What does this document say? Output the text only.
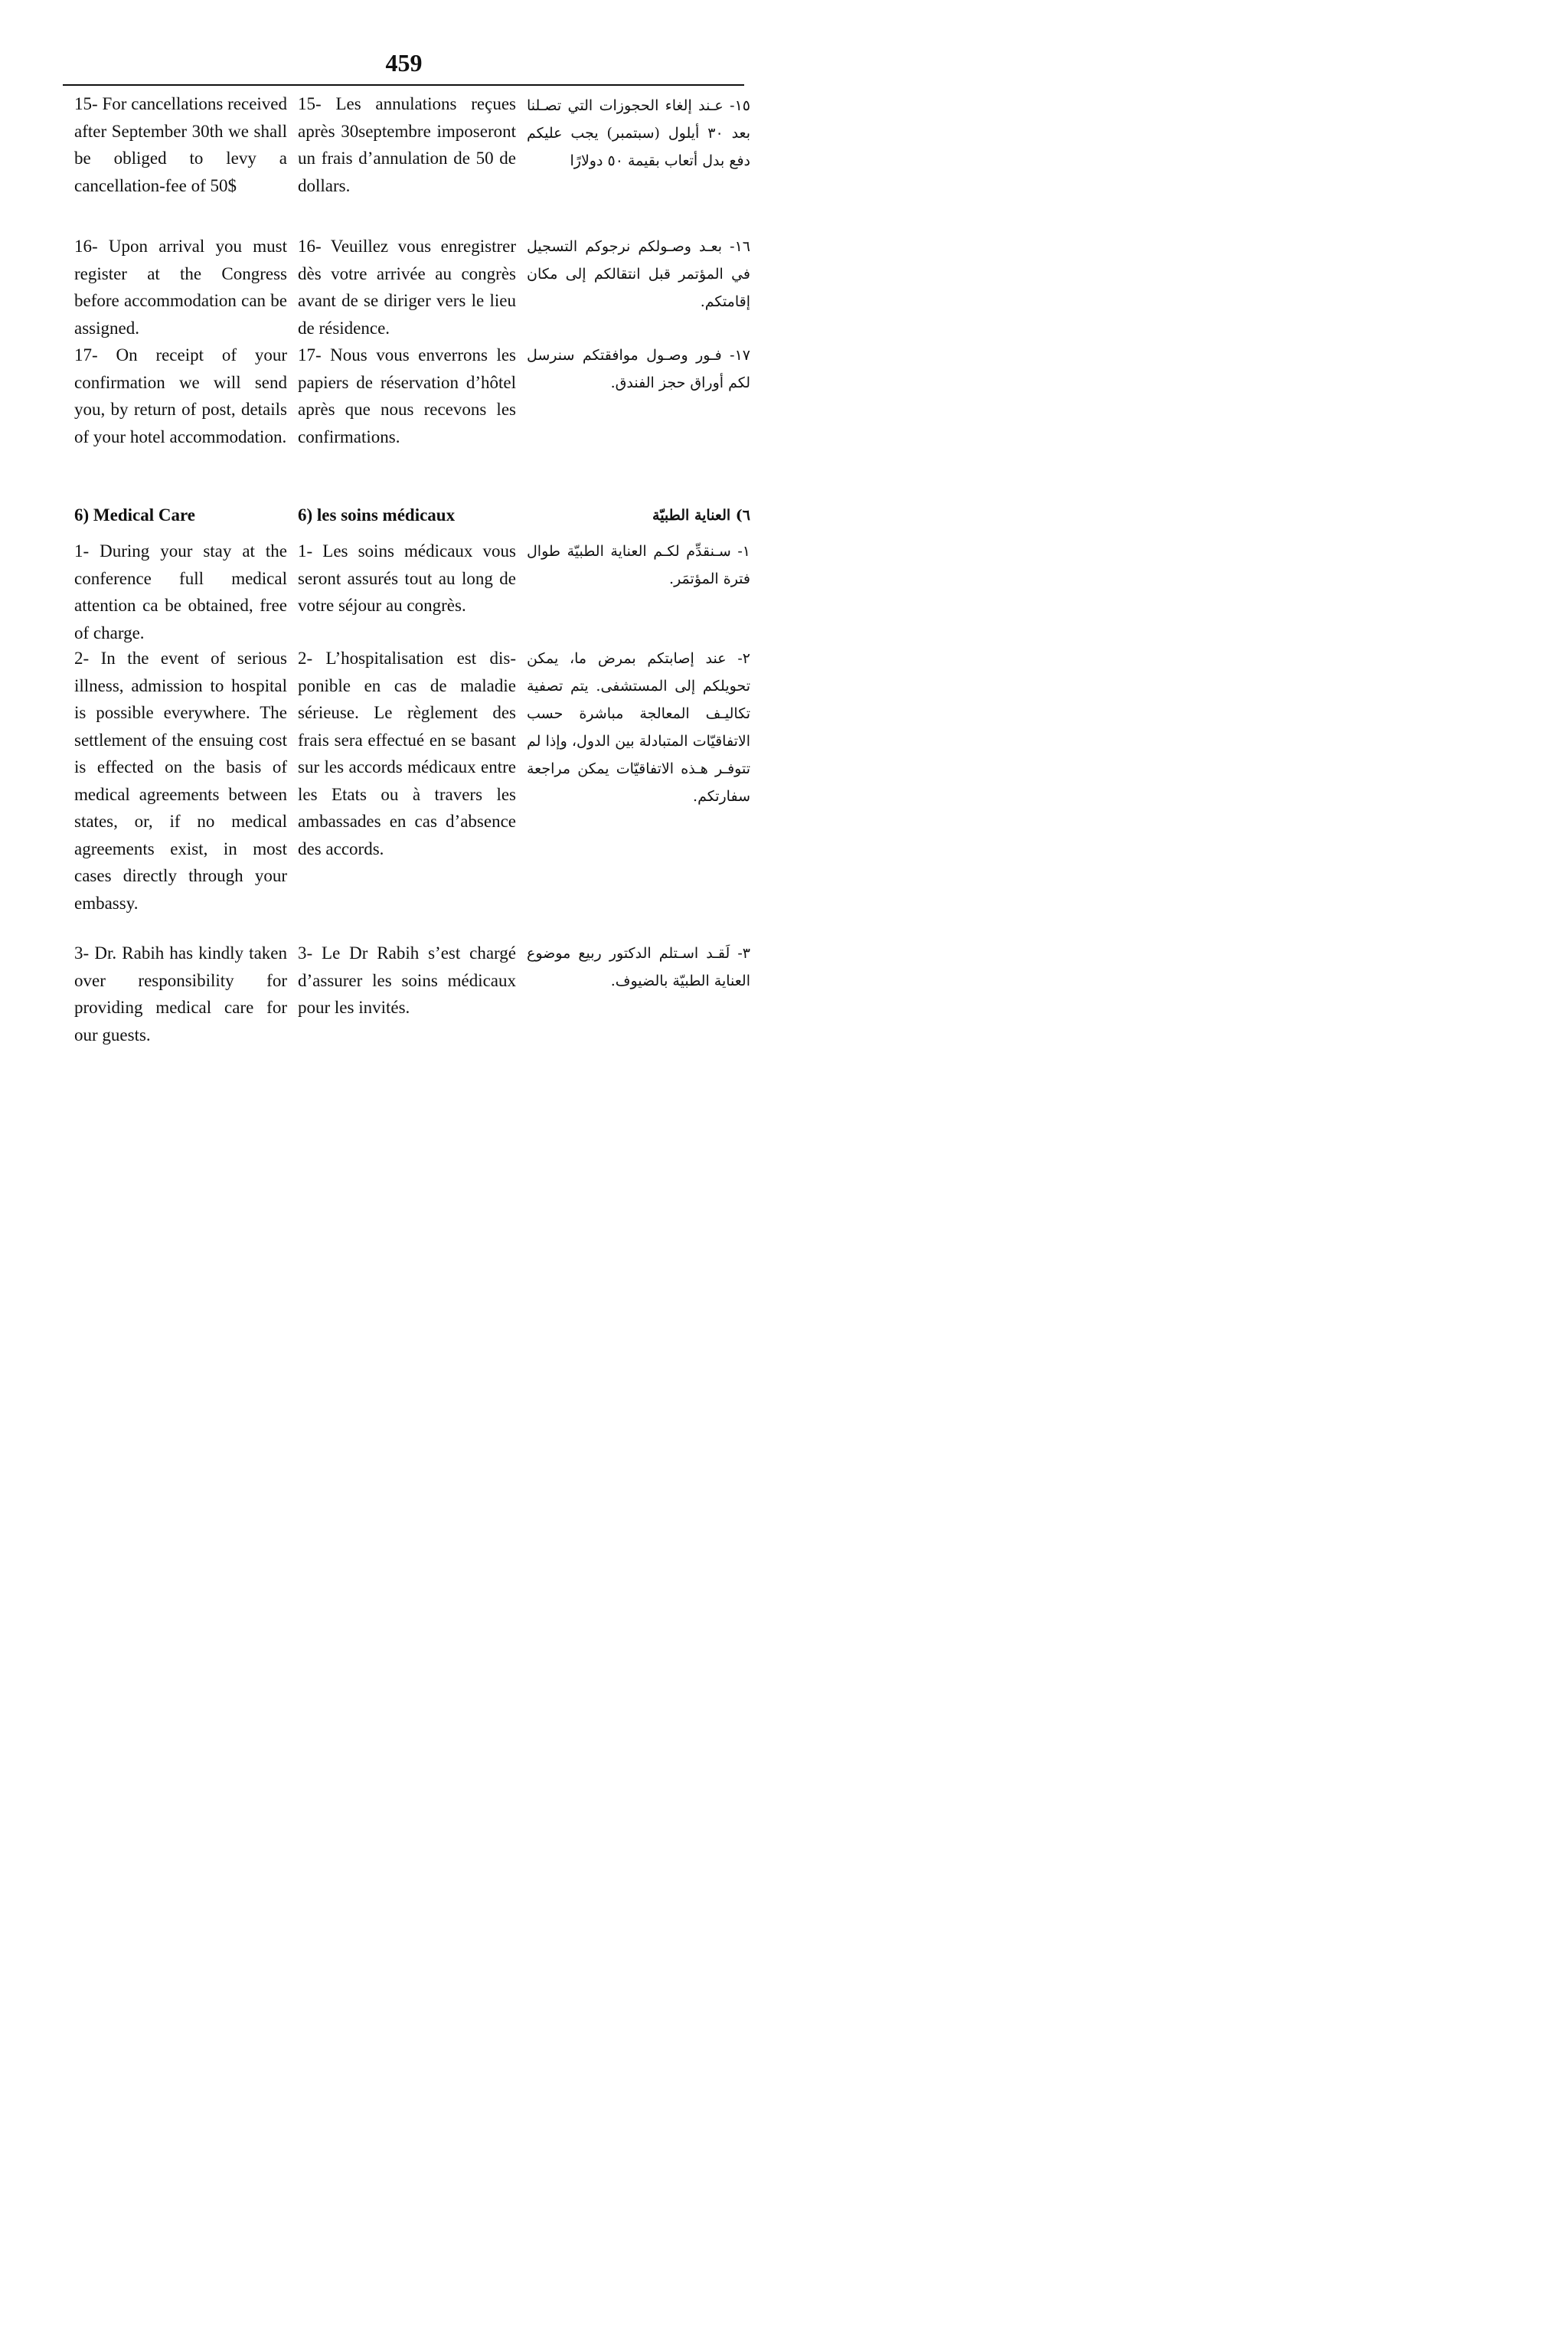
459
15- For cancellations received after September 30th we shall be obliged to levy a cancellation-fee of 50$
16- Upon arrival you must register at the Congress before accommodation can be assigned.
17- On receipt of your confirmation we will send you, by return of post, details of your hotel accommodation.
6) Medical Care
1- During your stay at the conference full medical attention ca be obtained, free of charge.
2- In the event of serious illness, admission to hospital is possible everywhere. The settlement of the ensuing cost is effected on the basis of medical agreements between states, or, if no medical agreements exist, in most cases directly through your embassy.
3- Dr. Rabih has kindly taken over responsibility for providing medical care for our guests.
15- Les annulations reçues après 30septembre imposeront un frais d’annulation de 50 de dollars.
16- Veuillez vous enregistrer dès votre arrivée au congrès avant de se diriger vers le lieu de résidence.
17- Nous vous enverrons les papiers de réservation d’hôtel après que nous recevons les confirmations.
6) les soins médicaux
1- Les soins médicaux vous seront assurés tout au long de votre séjour au congrès.
2- L’hospitalisation est dis-ponible en cas de maladie sérieuse. Le règlement des frais sera effectué en se basant sur les accords médicaux entre les Etats ou à travers les ambassades en cas d’absence des accords.
3- Le Dr Rabih s’est chargé d’assurer les soins médicaux pour les invités.
١٥- عـند إلغاء الحجوزات التي تصـلنا بعد ٣٠ أيلول (سبتمبر) يجب عليكم دفع بدل أتعاب بقيمة ٥٠ دولارًا
١٦- بعـد وصـولكم نرجوكم التسجيل في المؤتمر قبل انتقالكم إلى مكان إقامتكم.
١٧- فـور وصـول موافقتكم سنرسل لكم أوراق حجز الفندق.
٦) العناية الطبيّة
١- سـنقدِّم لكـم العناية الطبيّة طوال فترة المؤتمَر.
٢- عند إصابتكم بمرض ما، يمكن تحويلكم إلى المستشفى. يتم تصفية تكاليـف المعالجة مباشرة حسب الاتفاقيّات المتبادلة بين الدول، وإذا لم تتوفـر هـذه الاتفاقيّات يمكن مراجعة سفارتكم.
٣- لَقـد اسـتلم الدكتور ربيع موضوع العناية الطبيّة بالضيوف.
